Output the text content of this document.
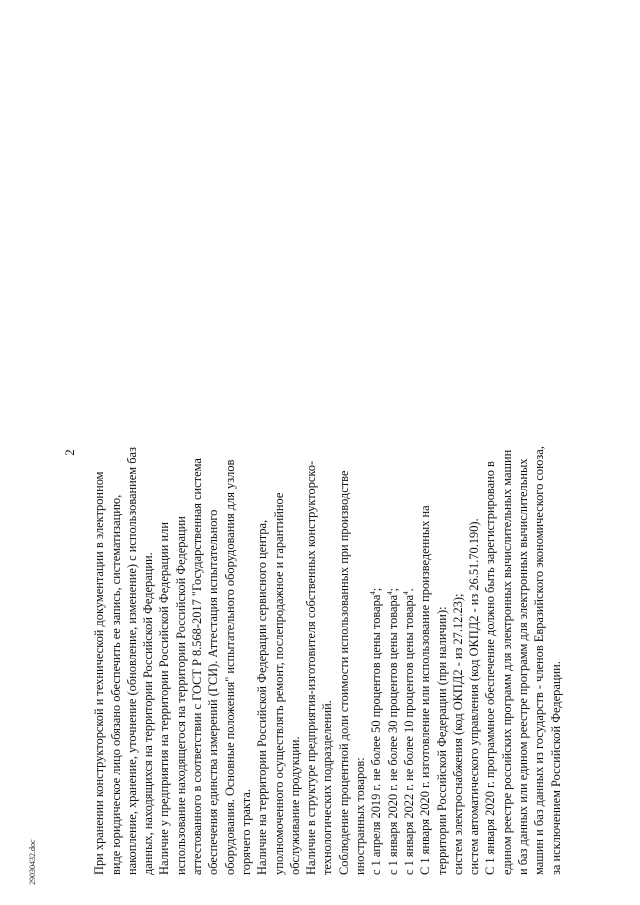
2
При хранении конструкторской и технической документации в электронном виде юридическое лицо обязано обеспечить ее запись, систематизацию, накопление, хранение, уточнение (обновление, изменение) с использованием баз данных, находящихся на территории Российской Федерации. Наличие у предприятия на территории Российской Федерации или использование находящегося на территории Российской Федерации аттестованного в соответствии с ГОСТ Р 8.568-2017 "Государственная система обеспечения единства измерений (ГСИ). Аттестация испытательного оборудования. Основные положения" испытательного оборудования для узлов горячего тракта. Наличие на территории Российской Федерации сервисного центра, уполномоченного осуществлять ремонт, послепродажное и гарантийное обслуживание продукции. Наличие в структуре предприятия-изготовителя собственных конструкторско- технологических подразделений. Соблюдение процентной доли стоимости использованных при производстве иностранных товаров: с 1 апреля 2019 г. не более 50 процентов цены товара$^4$;
с 1 января 2020 г. не более 30 процентов цены товара$^4$;
с 1 января 2022 г. не более 10 процентов цены товара$^4$. С 1 января 2020 г. изготовление или использование произведенных на территории Российской Федерации (при наличии): систем электроснабжения (код ОКПД2 - из 27.12.23); систем автоматического управления (код ОКПД2 - из 26.51.70.190). С 1 января 2020 г. программное обеспечение должно быть зарегистрировано в едином реестре российских программ для электронных вычислительных машин и баз данных или едином реестре программ для электронных вычислительных машин и баз данных из государств - членов Евразийского экономического союза, за исключением Российской Федерации.
29030432.doc
